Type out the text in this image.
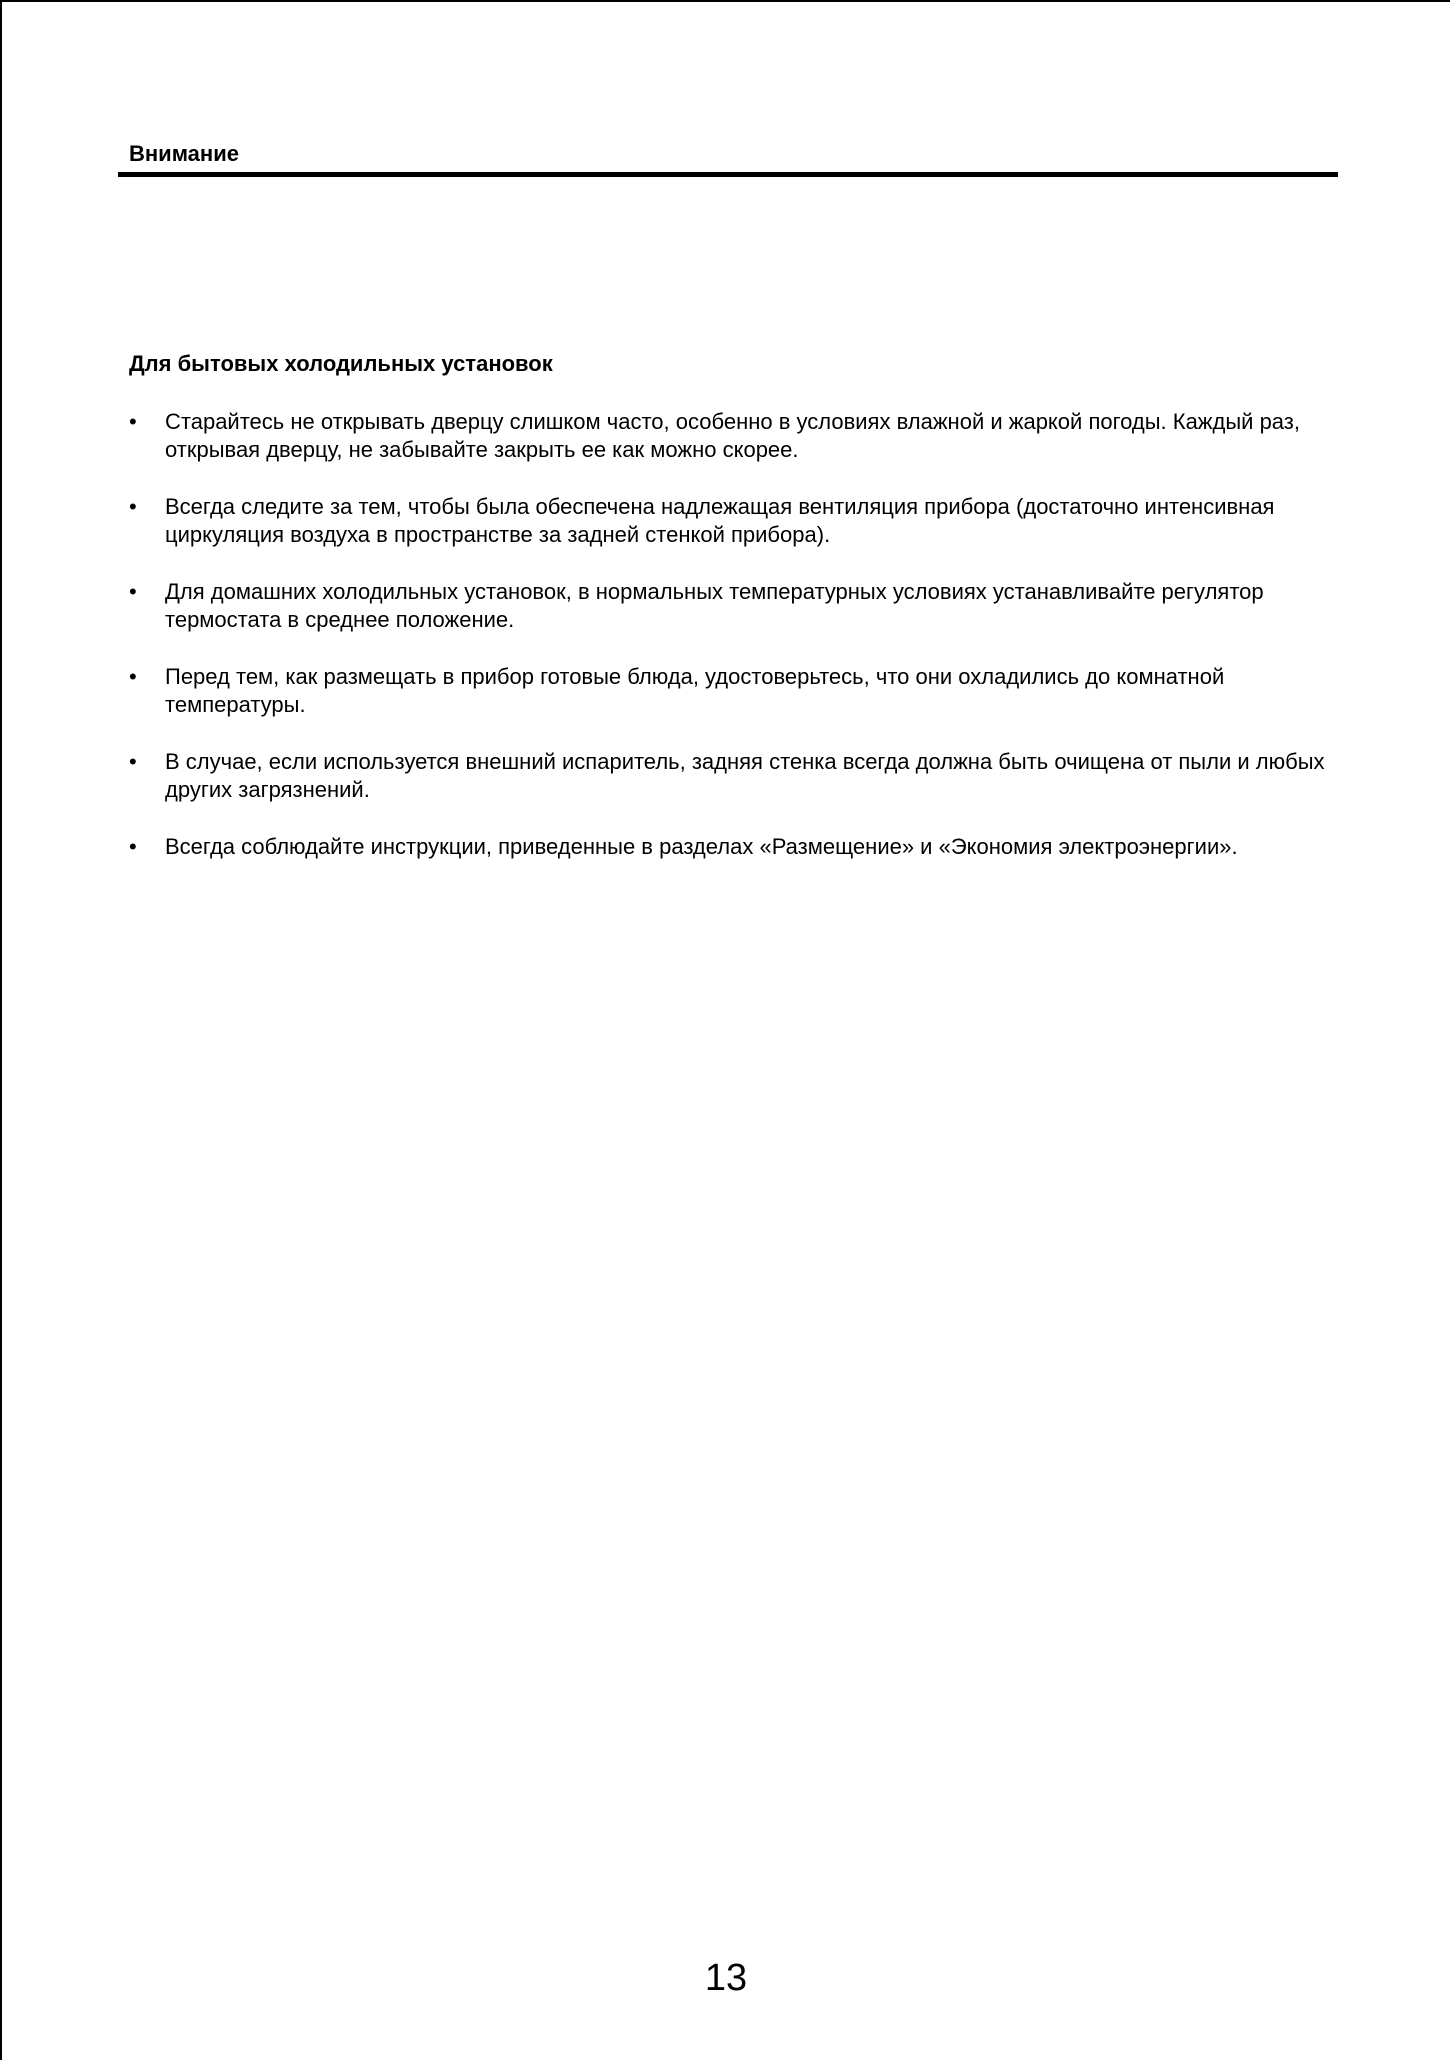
Внимание
Для бытовых холодильных установок
•	Старайтесь не открывать дверцу слишком часто, особенно в условиях влажной и жаркой погоды. Каждый раз, открывая дверцу, не забывайте закрыть ее как можно скорее.
•	Всегда следите за тем, чтобы была обеспечена надлежащая вентиляция прибора (достаточно интенсивная циркуляция воздуха в пространстве за задней стенкой прибора).
•	Для домашних холодильных установок, в нормальных температурных условиях устанавливайте регулятор термостата в среднее положение.
•	Перед тем, как размещать в прибор готовые блюда, удостоверьтесь, что они охладились до комнатной температуры.
•	В случае, если используется внешний испаритель, задняя стенка всегда должна быть очищена от пыли и любых других загрязнений.
•	Всегда соблюдайте инструкции, приведенные в разделах «Размещение» и «Экономия электроэнергии».
13
